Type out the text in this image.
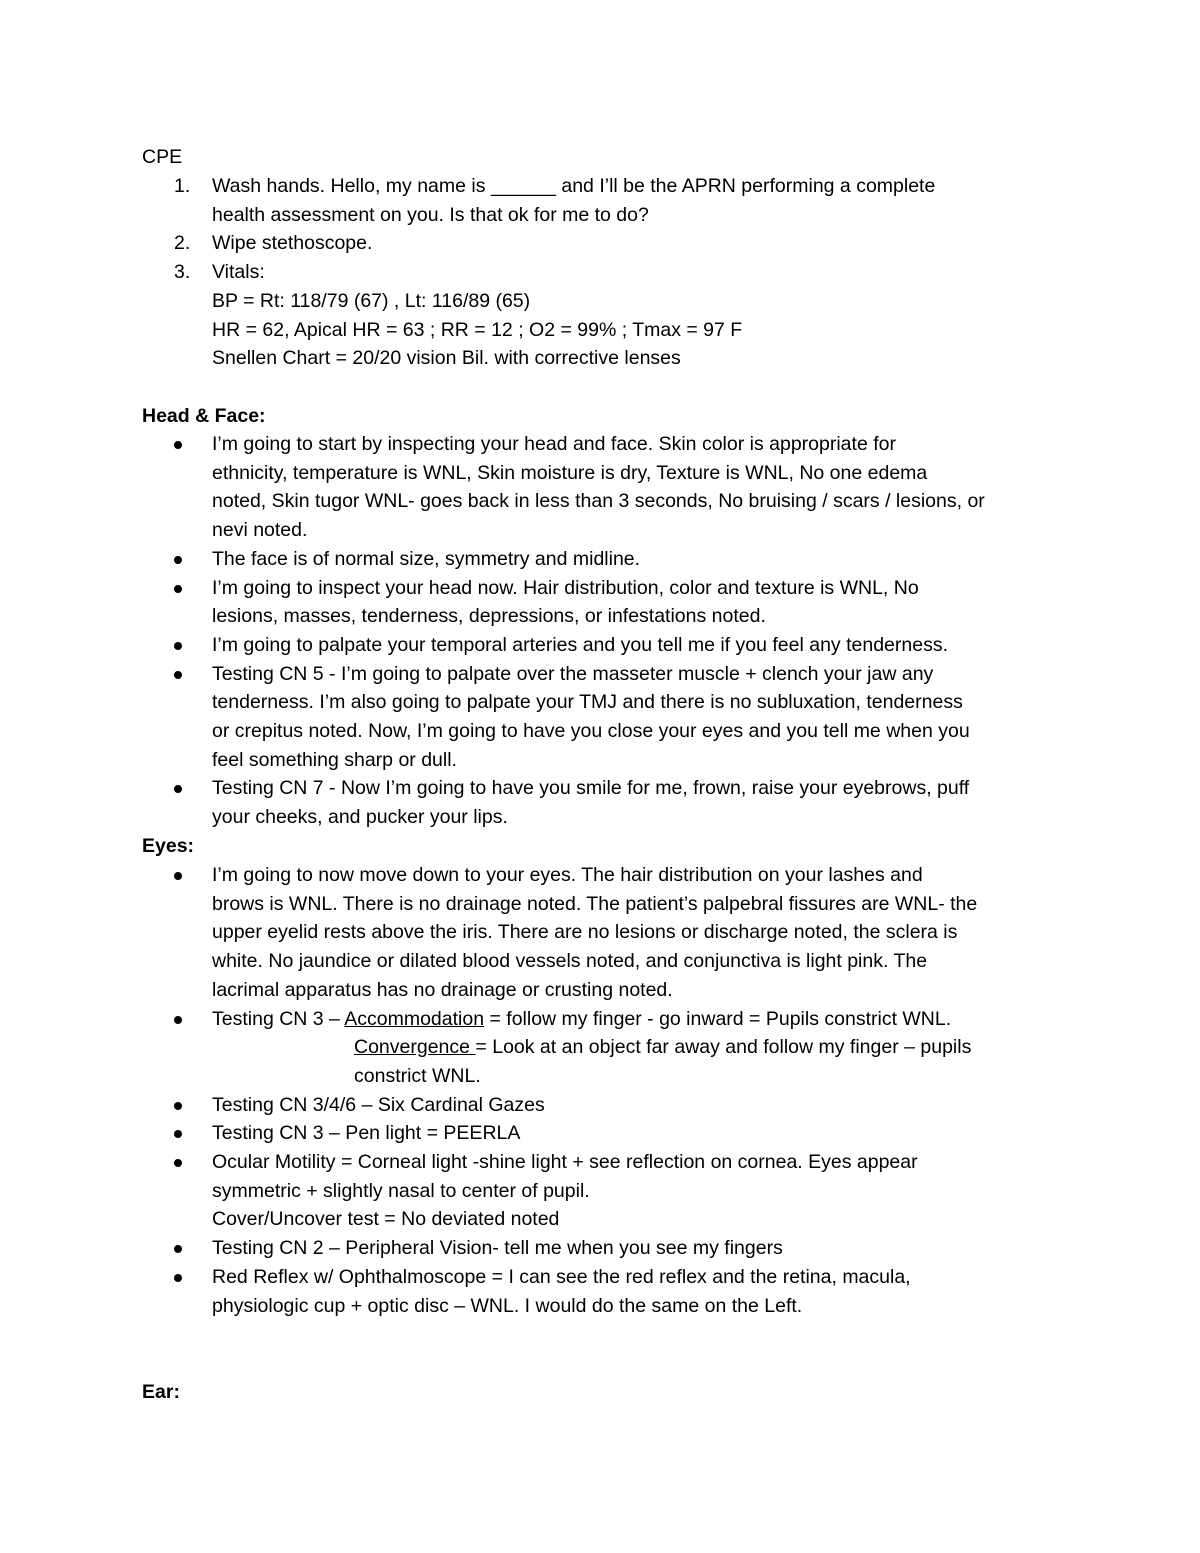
CPE
1. Wash hands. Hello, my name is ______ and I’ll be the APRN performing a complete
health assessment on you. Is that ok for me to do?
2. Wipe stethoscope.
3. Vitals:
BP = Rt: 118/79 (67) , Lt: 116/89 (65)
HR = 62, Apical HR = 63 ; RR = 12 ; O2 = 99% ; Tmax = 97 F
Snellen Chart = 20/20 vision Bil. with corrective lenses
Head & Face:
I’m going to start by inspecting your head and face. Skin color is appropriate for
ethnicity, temperature is WNL, Skin moisture is dry, Texture is WNL, No one edema
noted, Skin tugor WNL- goes back in less than 3 seconds, No bruising / scars / lesions, or
nevi noted.
The face is of normal size, symmetry and midline.
I’m going to inspect your head now. Hair distribution, color and texture is WNL, No
lesions, masses, tenderness, depressions, or infestations noted.
I’m going to palpate your temporal arteries and you tell me if you feel any tenderness.
Testing CN 5 - I’m going to palpate over the masseter muscle + clench your jaw any
tenderness. I’m also going to palpate your TMJ and there is no subluxation, tenderness
or crepitus noted. Now, I’m going to have you close your eyes and you tell me when you
feel something sharp or dull.
Testing CN 7 - Now I’m going to have you smile for me, frown, raise your eyebrows, puff
your cheeks, and pucker your lips.
Eyes:
I’m going to now move down to your eyes. The hair distribution on your lashes and
brows is WNL. There is no drainage noted. The patient’s palpebral fissures are WNL- the
upper eyelid rests above the iris. There are no lesions or discharge noted, the sclera is
white. No jaundice or dilated blood vessels noted, and conjunctiva is light pink. The
lacrimal apparatus has no drainage or crusting noted.
Testing CN 3 – Accommodation = follow my finger - go inward = Pupils constrict WNL.
Convergence = Look at an object far away and follow my finger – pupils
constrict WNL.
Testing CN 3/4/6 – Six Cardinal Gazes
Testing CN 3 – Pen light = PEERLA
Ocular Motility = Corneal light -shine light + see reflection on cornea. Eyes appear
symmetric + slightly nasal to center of pupil.
Cover/Uncover test = No deviated noted
Testing CN 2 – Peripheral Vision- tell me when you see my fingers
Red Reflex w/ Ophthalmoscope = I can see the red reflex and the retina, macula,
physiologic cup + optic disc – WNL. I would do the same on the Left.
Ear:
